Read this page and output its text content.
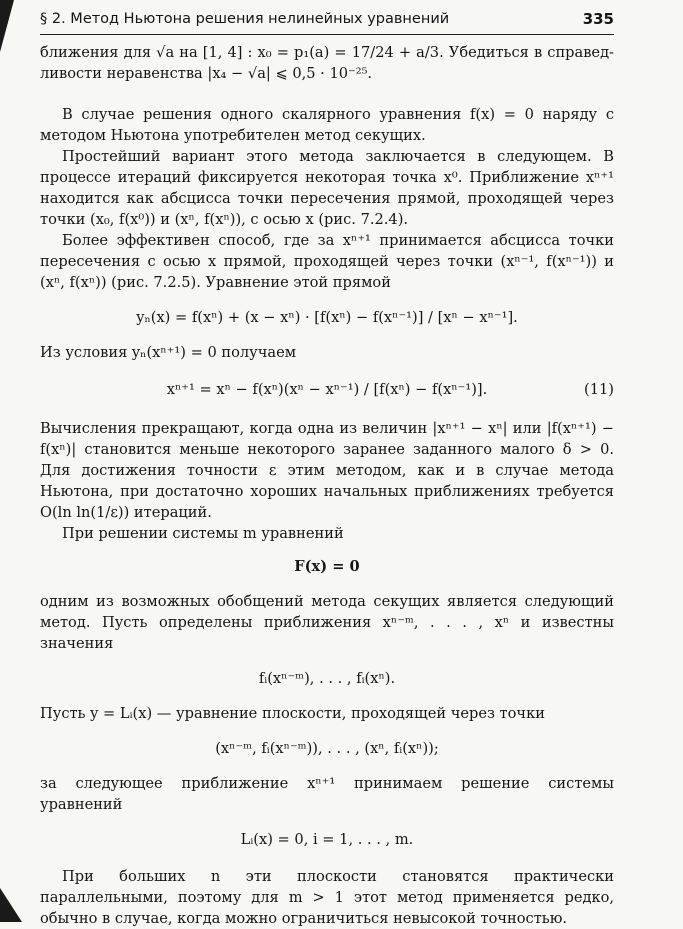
§ 2. Метод Ньютона решения нелинейных уравнений	335

ближения для √a на [1, 4] : x₀ = p₁(a) = 17/24 + a/3. Убедиться в справед-

ливости неравенства |x₄ − √a| ⩽ 0,5 · 10⁻²⁵.

В случае решения одного скалярного уравнения f(x) = 0 наряду с методом Ньютона употребителен метод секущих.

Простейший вариант этого метода заключается в следующем. В процессе итераций фиксируется некоторая точка x⁰. Приближение xⁿ⁺¹ находится как абсцисса точки пересечения прямой, проходящей через точки (x₀, f(x⁰)) и (xⁿ, f(xⁿ)), с осью x (рис. 7.2.4).

Более эффективен способ, где за xⁿ⁺¹ принимается абсцисса точки пересечения с осью x прямой, проходящей через точки (xⁿ⁻¹, f(xⁿ⁻¹)) и (xⁿ, f(xⁿ)) (рис. 7.2.5). Уравнение этой прямой

yₙ(x) = f(xⁿ) + (x − xⁿ) · [f(xⁿ) − f(xⁿ⁻¹)] / [xⁿ − xⁿ⁻¹].

Из условия yₙ(xⁿ⁺¹) = 0 получаем

xⁿ⁺¹ = xⁿ − f(xⁿ)(xⁿ − xⁿ⁻¹) / [f(xⁿ) − f(xⁿ⁻¹)].	(11)

Вычисления прекращают, когда одна из величин |xⁿ⁺¹ − xⁿ| или |f(xⁿ⁺¹) − f(xⁿ)| становится меньше некоторого заранее заданного малого δ > 0. Для достижения точности ε этим методом, как и в случае метода Ньютона, при достаточно хороших начальных приближениях требуется O(ln ln(1/ε)) итераций.

При решении системы m уравнений

F(x) = 0

одним из возможных обобщений метода секущих является следующий метод. Пусть определены приближения xⁿ⁻ᵐ, . . . , xⁿ и известны значения

fᵢ(xⁿ⁻ᵐ), . . . , fᵢ(xⁿ).

Пусть y = Lᵢ(x) — уравнение плоскости, проходящей через точки

(xⁿ⁻ᵐ, fᵢ(xⁿ⁻ᵐ)), . . . , (xⁿ, fᵢ(xⁿ));

за следующее приближение xⁿ⁺¹ принимаем решение системы уравнений

Lᵢ(x) = 0, i = 1, . . . , m.

При больших n эти плоскости становятся практически параллельными, поэтому для m > 1 этот метод применяется редко, обычно в случае, когда можно ограничиться невысокой точностью.
